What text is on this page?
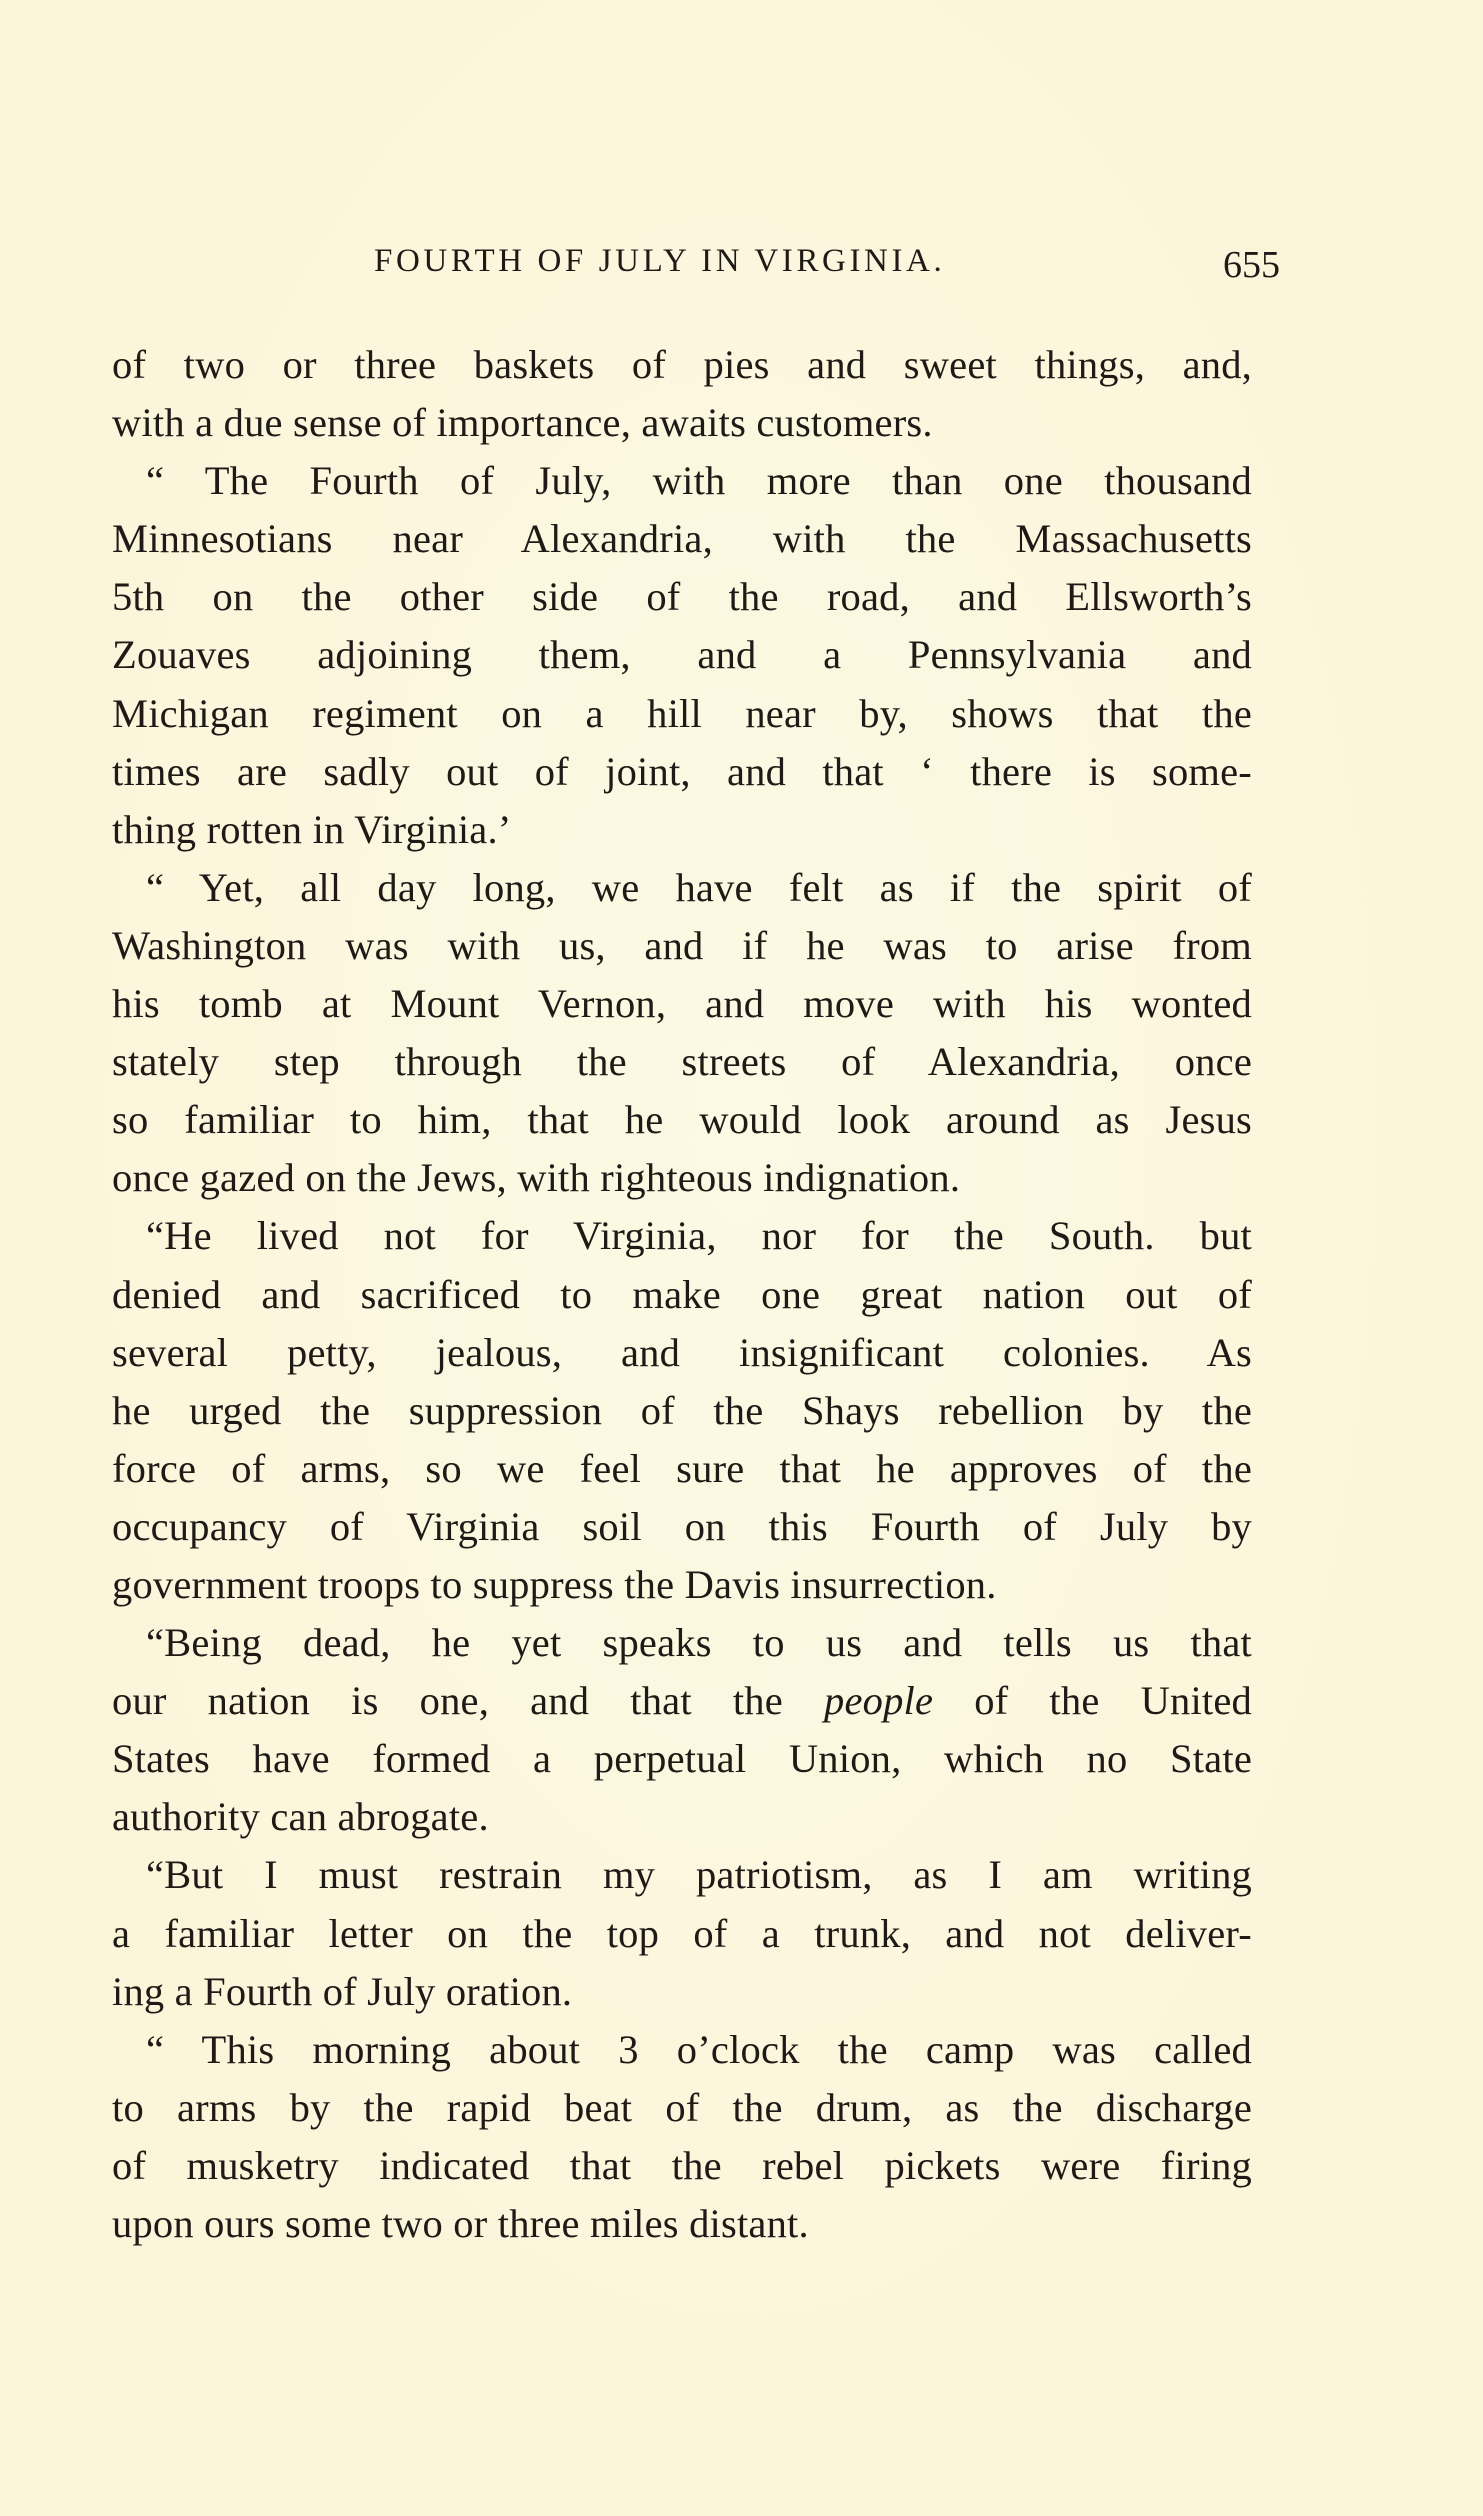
FOURTH OF JULY IN VIRGINIA.	655
of two or three baskets of pies and sweet things, and,
with a due sense of importance, awaits customers.
“ The Fourth of July, with more than one thousand
Minnesotians near Alexandria, with the Massachusetts
5th on the other side of the road, and Ellsworth’s
Zouaves adjoining them, and a Pennsylvania and
Michigan regiment on a hill near by, shows that the
times are sadly out of joint, and that ‘ there is some-
thing rotten in Virginia.’
“ Yet, all day long, we have felt as if the spirit of
Washington was with us, and if he was to arise from
his tomb at Mount Vernon, and move with his wonted
stately step through the streets of Alexandria, once
so familiar to him, that he would look around as Jesus
once gazed on the Jews, with righteous indignation.
“He lived not for Virginia, nor for the South. but
denied and sacrificed to make one great nation out of
several petty, jealous, and insignificant colonies. As
he urged the suppression of the Shays rebellion by the
force of arms, so we feel sure that he approves of the
occupancy of Virginia soil on this Fourth of July by
government troops to suppress the Davis insurrection.
“Being dead, he yet speaks to us and tells us that
our nation is one, and that the people of the United
States have formed a perpetual Union, which no State
authority can abrogate.
“But I must restrain my patriotism, as I am writing
a familiar letter on the top of a trunk, and not deliver-
ing a Fourth of July oration.
“ This morning about 3 o’clock the camp was called
to arms by the rapid beat of the drum, as the discharge
of musketry indicated that the rebel pickets were firing
upon ours some two or three miles distant.
